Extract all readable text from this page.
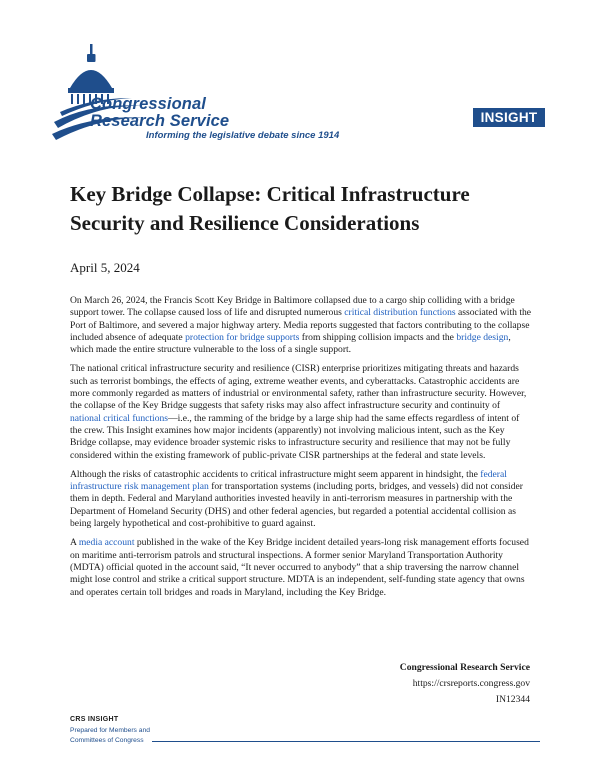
Congressional
Research Service
Informing the legislative debate since 1914
INSIGHT
Key Bridge Collapse: Critical Infrastructure Security and Resilience Considerations
April 5, 2024

On March 26, 2024, the Francis Scott Key Bridge in Baltimore collapsed due to a cargo ship colliding with a bridge support tower. The collapse caused loss of life and disrupted numerous critical distribution functions associated with the Port of Baltimore, and severed a major highway artery. Media reports suggested that factors contributing to the collapse included absence of adequate protection for bridge supports from shipping collision impacts and the bridge design, which made the entire structure vulnerable to the loss of a single support.

The national critical infrastructure security and resilience (CISR) enterprise prioritizes mitigating threats and hazards such as terrorist bombings, the effects of aging, extreme weather events, and cyberattacks. Catastrophic accidents are more commonly regarded as matters of industrial or environmental safety, rather than infrastructure security. However, the collapse of the Key Bridge suggests that safety risks may also affect infrastructure security and continuity of national critical functions—i.e., the ramming of the bridge by a large ship had the same effects regardless of intent of the crew. This Insight examines how major incidents (apparently) not involving malicious intent, such as the Key Bridge collapse, may evidence broader systemic risks to infrastructure security and resilience that may not be fully considered within the existing framework of public-private CISR partnerships at the federal and state levels.

Although the risks of catastrophic accidents to critical infrastructure might seem apparent in hindsight, the federal infrastructure risk management plan for transportation systems (including ports, bridges, and vessels) did not consider them in depth. Federal and Maryland authorities invested heavily in anti-terrorism measures in partnership with the Department of Homeland Security (DHS) and other federal agencies, but regarded a potential accidental collision as being largely hypothetical and cost-prohibitive to guard against.

A media account published in the wake of the Key Bridge incident detailed years-long risk management efforts focused on maritime anti-terrorism patrols and structural inspections. A former senior Maryland Transportation Authority (MDTA) official quoted in the account said, “It never occurred to anybody” that a ship traversing the narrow channel might lose control and strike a critical support structure. MDTA is an independent, self-funding state agency that owns and operates certain toll bridges and roads in Maryland, including the Key Bridge.

Congressional Research Service
https://crsreports.congress.gov
IN12344
CRS INSIGHT
Prepared for Members and
Committees of Congress
